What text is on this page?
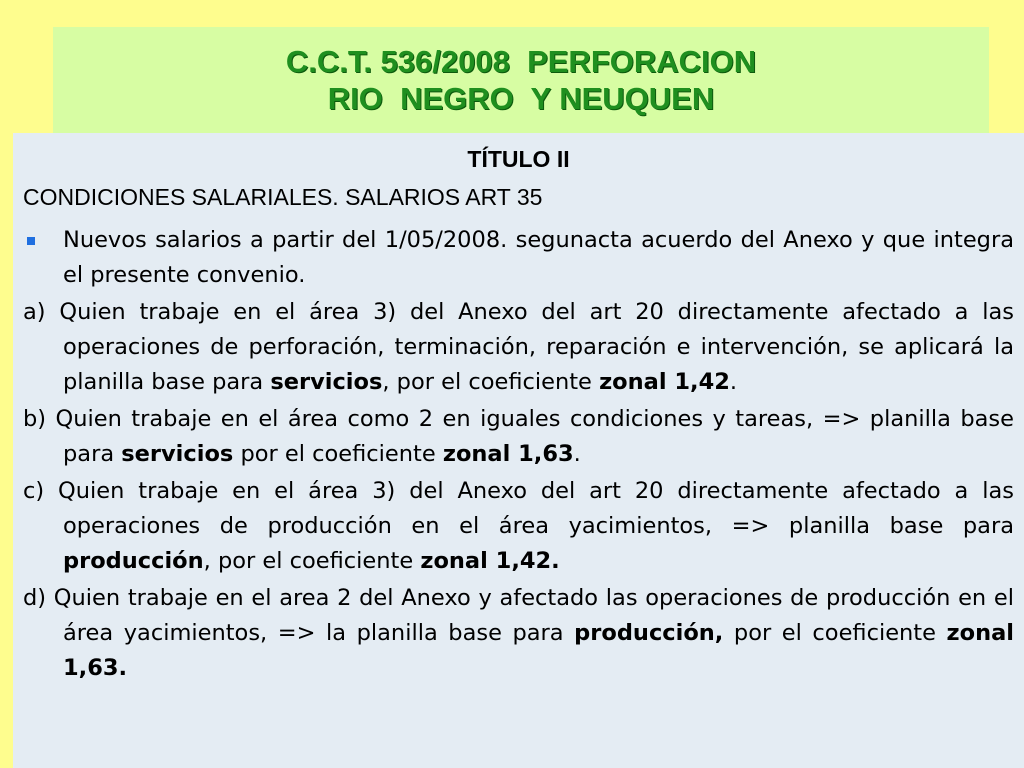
C.C.T. 536/2008  PERFORACION
RIO  NEGRO  Y NEUQUEN
TÍTULO II
CONDICIONES SALARIALES. SALARIOS ART 35
Nuevos salarios a partir del 1/05/2008. segunacta acuerdo del Anexo y que integra el presente convenio.
a) Quien trabaje en el área 3) del Anexo del art 20 directamente afectado a las operaciones de perforación, terminación, reparación e intervención, se aplicará la planilla base para servicios, por el coeficiente zonal 1,42.
b) Quien trabaje en el área como 2 en iguales condiciones y tareas, => planilla base para servicios por el coeficiente zonal 1,63.
c) Quien trabaje en el área 3) del Anexo del art 20 directamente afectado a las operaciones de producción en el área yacimientos, => planilla base para producción, por el coeficiente zonal 1,42.
d) Quien trabaje en el area 2 del Anexo y afectado las operaciones de producción en el área yacimientos, => la planilla base para producción, por el coeficiente zonal 1,63.
